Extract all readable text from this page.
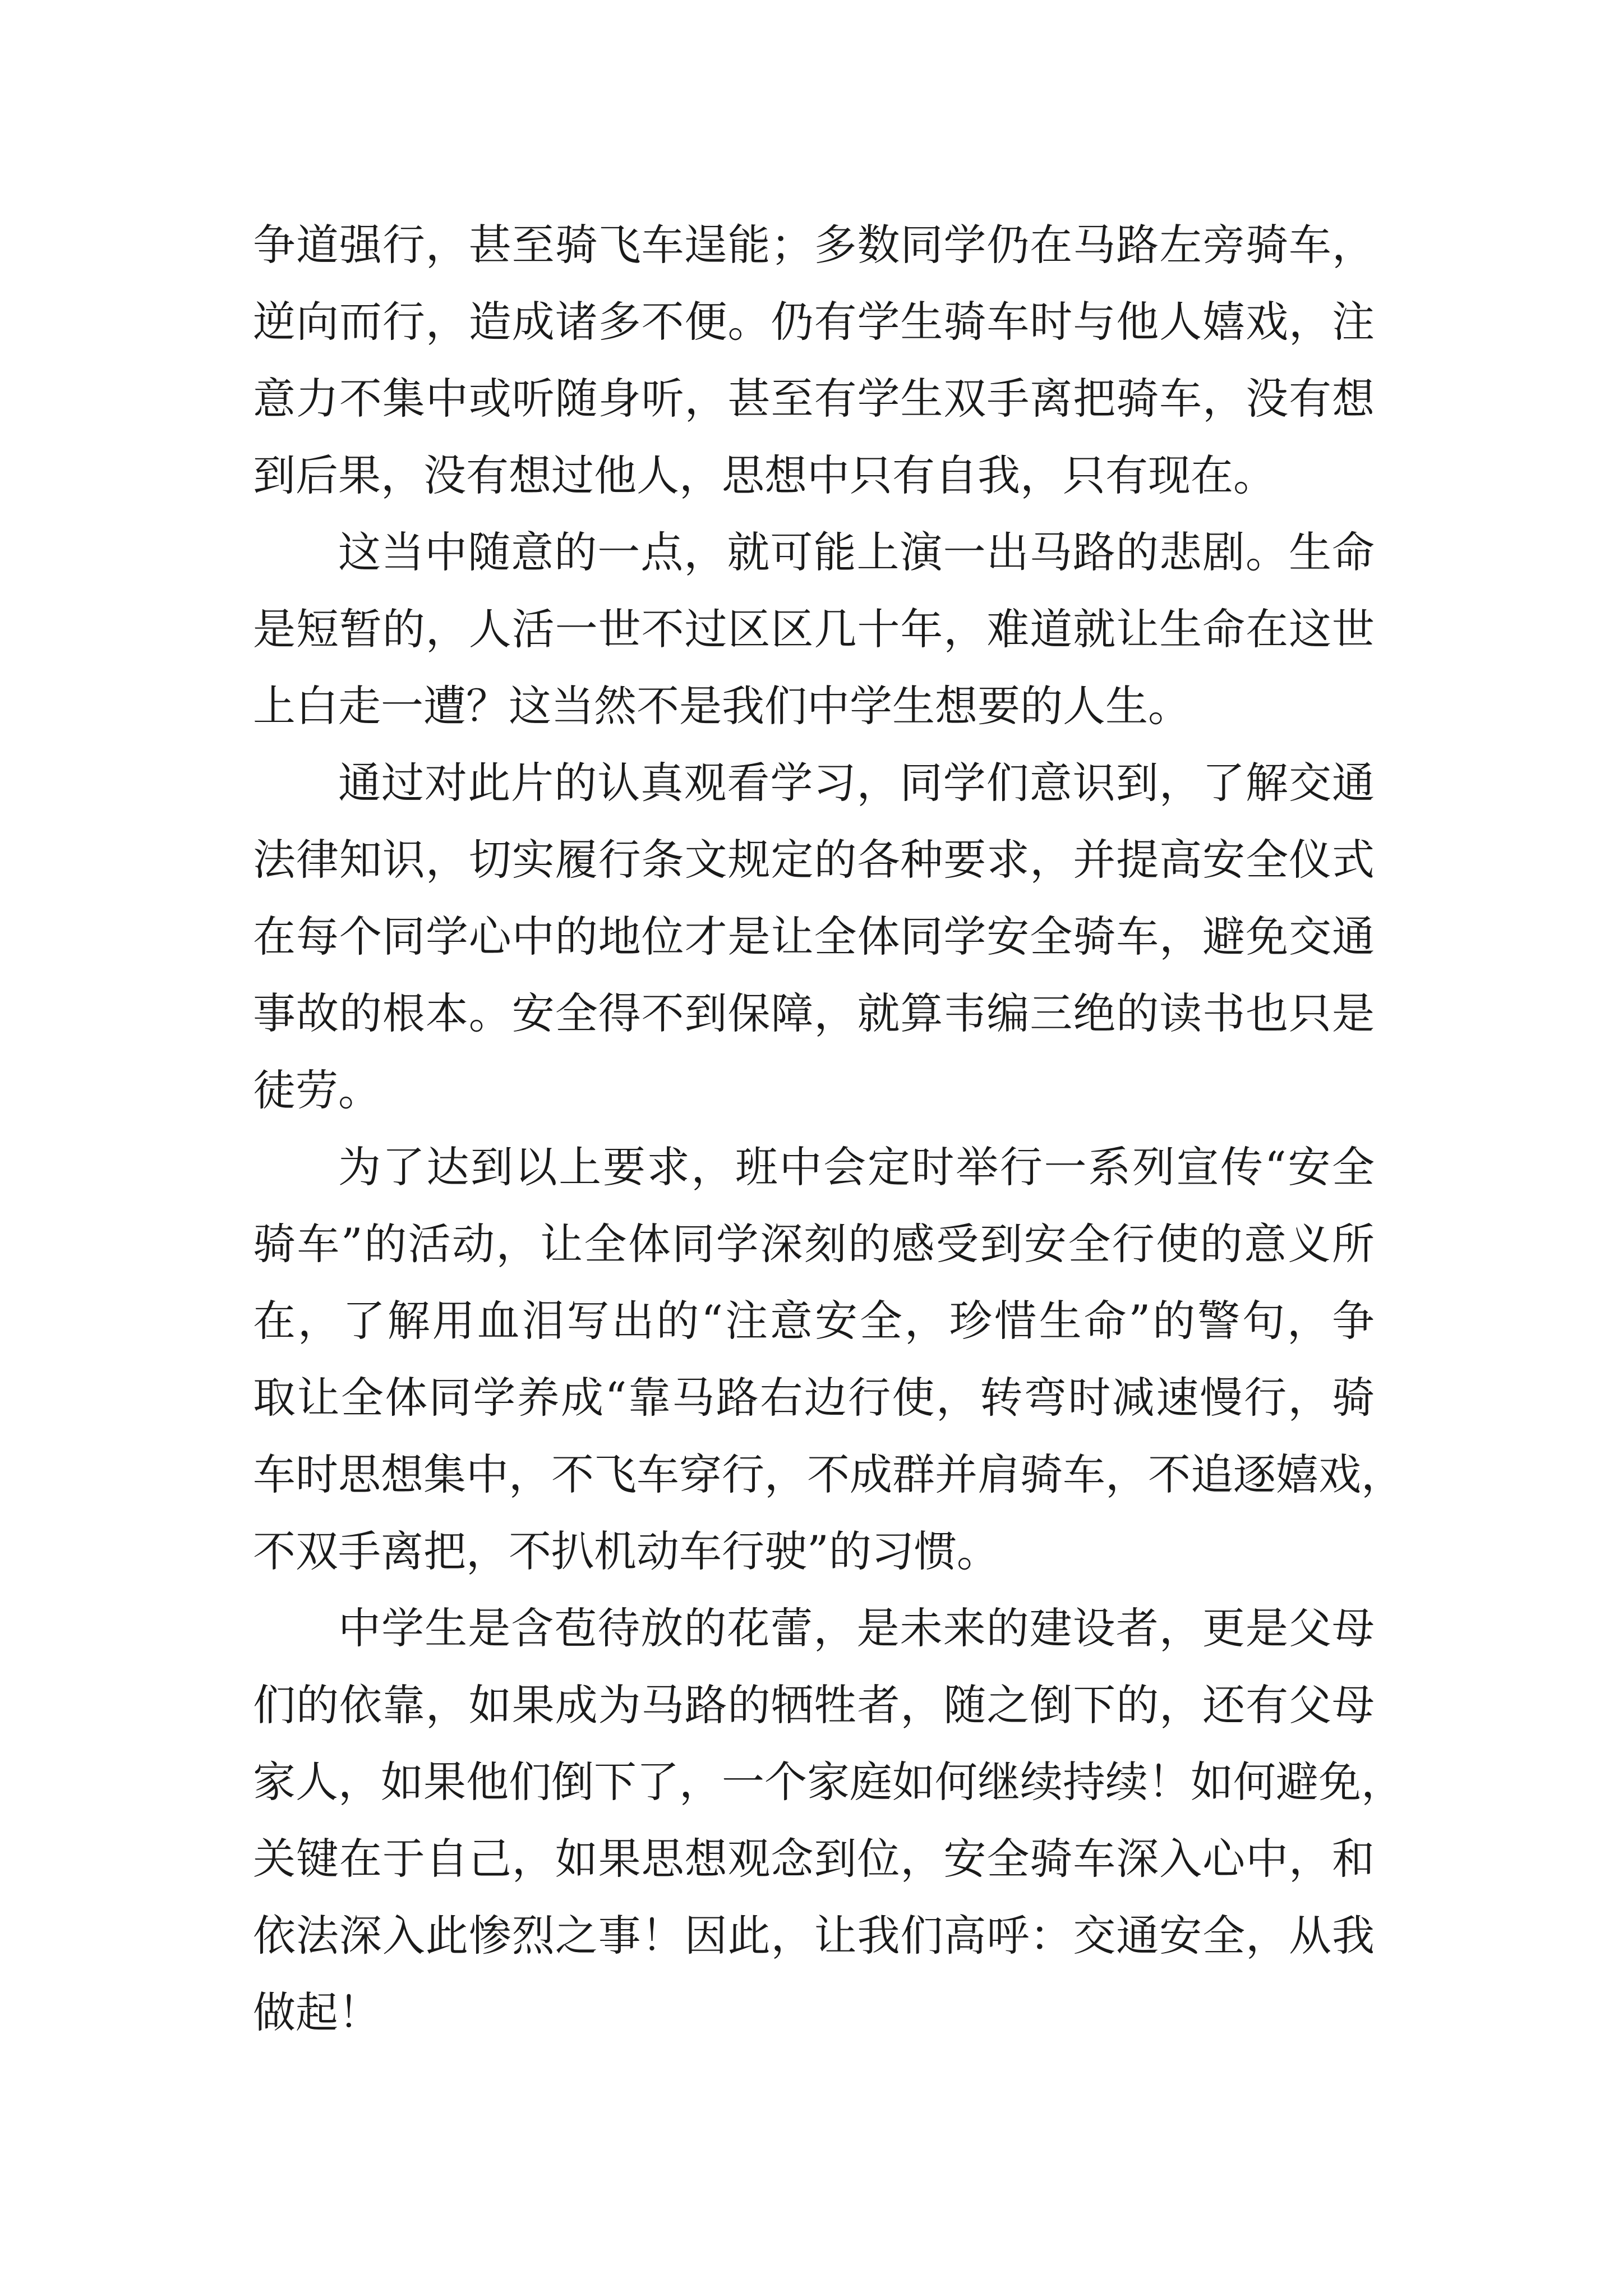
争道强行，甚至骑飞车逞能；多数同学仍在马路左旁骑车，
逆向而行，造成诸多不便。仍有学生骑车时与他人嬉戏，注
意力不集中或听随身听，甚至有学生双手离把骑车，没有想
到后果，没有想过他人，思想中只有自我，只有现在。
这当中随意的一点，就可能上演一出马路的悲剧。生命
是短暂的，人活一世不过区区几十年，难道就让生命在这世
上白走一遭？这当然不是我们中学生想要的人生。
通过对此片的认真观看学习，同学们意识到，了解交通
法律知识，切实履行条文规定的各种要求，并提高安全仪式
在每个同学心中的地位才是让全体同学安全骑车，避免交通
事故的根本。安全得不到保障，就算韦编三绝的读书也只是
徒劳。
为了达到以上要求，班中会定时举行一系列宣传“安全
骑车”的活动，让全体同学深刻的感受到安全行使的意义所
在，了解用血泪写出的“注意安全，珍惜生命”的警句，争
取让全体同学养成“靠马路右边行使，转弯时减速慢行，骑
车时思想集中，不飞车穿行，不成群并肩骑车，不追逐嬉戏，
不双手离把，不扒机动车行驶”的习惯。
中学生是含苞待放的花蕾，是未来的建设者，更是父母
们的依靠，如果成为马路的牺牲者，随之倒下的，还有父母
家人，如果他们倒下了，一个家庭如何继续持续！如何避免，
关键在于自己，如果思想观念到位，安全骑车深入心中，和
依法深入此惨烈之事！因此，让我们高呼：交通安全，从我
做起！
